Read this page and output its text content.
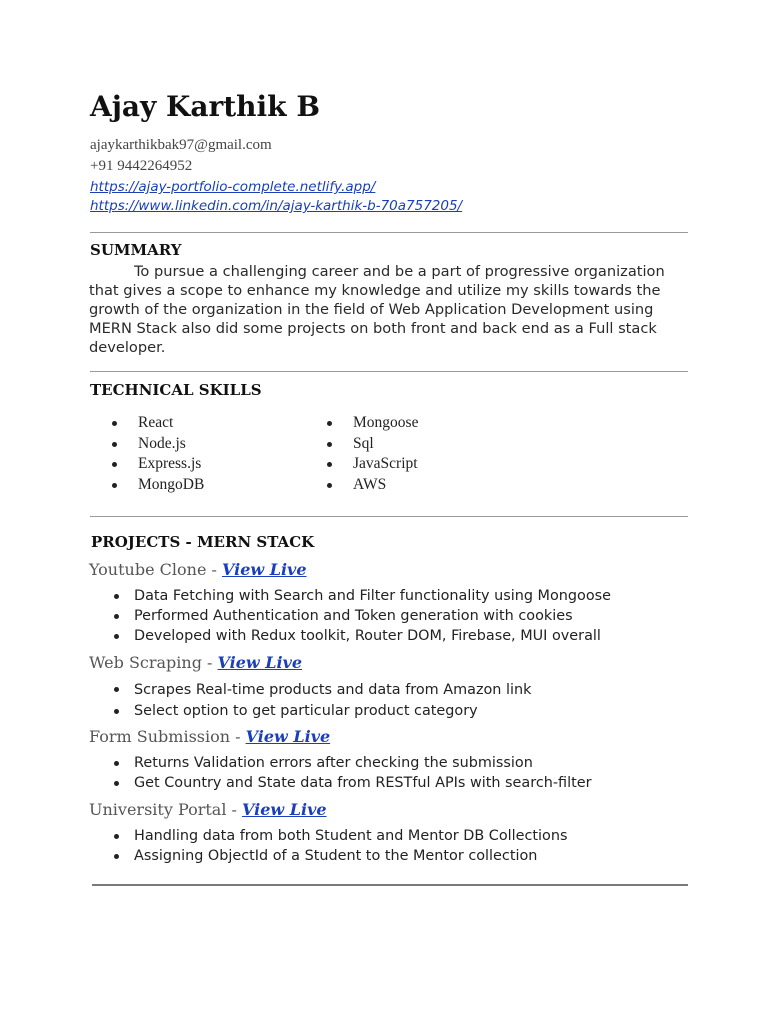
Ajay Karthik B
ajaykarthikbak97@gmail.com
+91 9442264952
https://ajay-portfolio-complete.netlify.app/
https://www.linkedin.com/in/ajay-karthik-b-70a757205/
SUMMARY

To pursue a challenging career and be a part of progressive organization that gives a scope to enhance my knowledge and utilize my skills towards the growth of the organization in the field of Web Application Development using MERN Stack also did some projects on both front and back end as a Full stack developer.

TECHNICAL SKILLS
React
Node.js
Express.js
MongoDB
Mongoose
Sql
JavaScript
AWS
PROJECTS - MERN STACK
Youtube Clone - View Live
Data Fetching with Search and Filter functionality using Mongoose
Performed Authentication and Token generation with cookies
Developed with Redux toolkit, Router DOM, Firebase, MUI overall
Web Scraping - View Live
Scrapes Real-time products and data from Amazon link
Select option to get particular product category
Form Submission - View Live
Returns Validation errors after checking the submission
Get Country and State data from RESTful APIs with search-filter
University Portal - View Live
Handling data from both Student and Mentor DB Collections
Assigning ObjectId of a Student to the Mentor collection
